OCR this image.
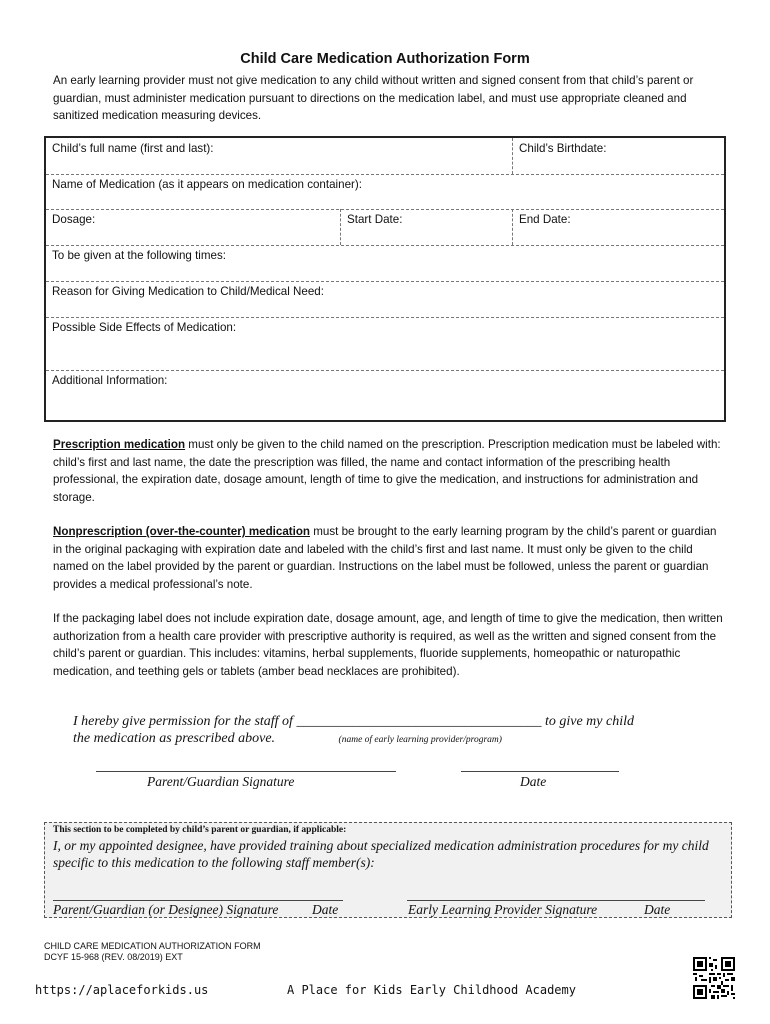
Child Care Medication Authorization Form
An early learning provider must not give medication to any child without written and signed consent from that child’s parent or guardian, must administer medication pursuant to directions on the medication label, and must use appropriate cleaned and sanitized medication measuring devices.
Child’s full name (first and last):	Child’s Birthdate:
Name of Medication (as it appears on medication container):
Dosage:	Start Date:	End Date:
To be given at the following times:
Reason for Giving Medication to Child/Medical Need:
Possible Side Effects of Medication:
Additional Information:
Prescription medication must only be given to the child named on the prescription. Prescription medication must be labeled with: child’s first and last name, the date the prescription was filled, the name and contact information of the prescribing health professional, the expiration date, dosage amount, length of time to give the medication, and instructions for administration and storage.
Nonprescription (over-the-counter) medication must be brought to the early learning program by the child’s parent or guardian in the original packaging with expiration date and labeled with the child’s first and last name. It must only be given to the child named on the label provided by the parent or guardian. Instructions on the label must be followed, unless the parent or guardian provides a medical professional’s note.
If the packaging label does not include expiration date, dosage amount, age, and length of time to give the medication, then written authorization from a health care provider with prescriptive authority is required, as well as the written and signed consent from the child’s parent or guardian. This includes: vitamins, herbal supplements, fluoride supplements, homeopathic or naturopathic medication, and teething gels or tablets (amber bead necklaces are prohibited).
I hereby give permission for the staff of ___________________________________ to give my child
the medication as prescribed above.	(name of early learning provider/program)
Parent/Guardian Signature	Date
This section to be completed by child’s parent or guardian, if applicable:
I, or my appointed designee, have provided training about specialized medication administration procedures for my child specific to this medication to the following staff member(s):
Parent/Guardian (or Designee) Signature Date	Early Learning Provider Signature	Date
CHILD CARE MEDICATION AUTHORIZATION FORM
DCYF 15-968 (REV. 08/2019) EXT
https://aplaceforkids.us	A Place for Kids Early Childhood Academy
